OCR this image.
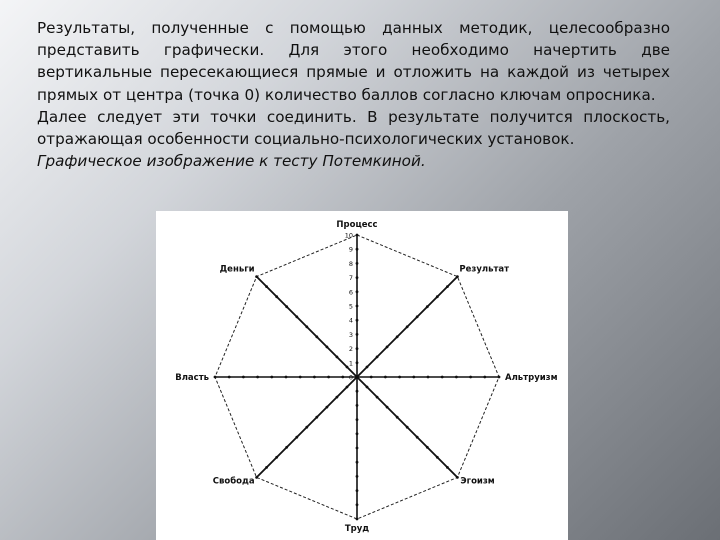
Результаты, полученные с помощью данных методик, целесообразно представить графически. Для этого необходимо начертить две вертикальные пересекающиеся прямые и отложить на каждой из четырех прямых от центра (точка 0) количество баллов согласно ключам опросника.

Далее следует эти точки соединить. В результате получится плоскость, отражающая особенности социально-психологических установок.

Графическое изображение к тесту Потемкиной.

0
1
2
3
4
5
6
7
8
9
10
Процесс
Результат
Альтруизм
Эгоизм
Труд
Свобода
Власть
Деньги
